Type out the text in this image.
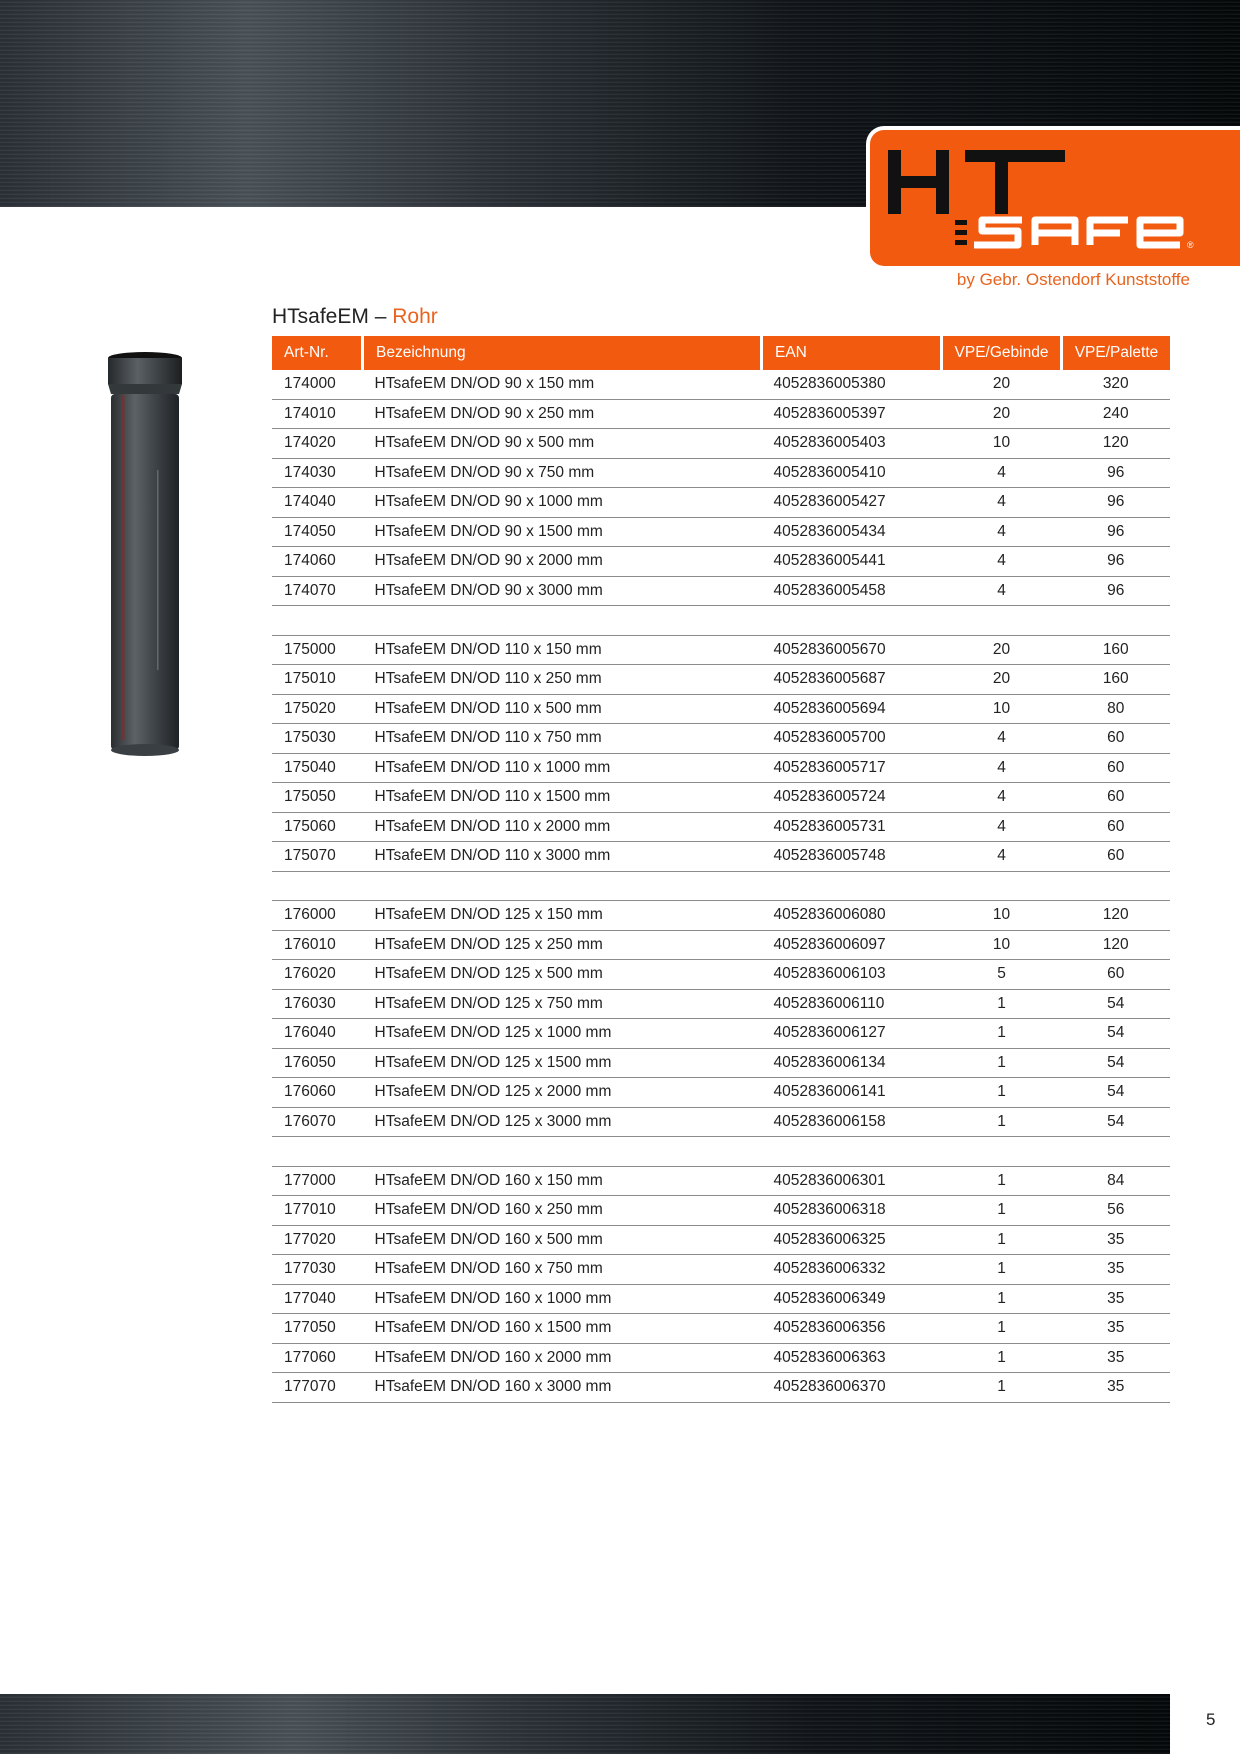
®
by Gebr. Ostendorf Kunststoffe
HTsafeEM – Rohr
Art-Nr.	Bezeichnung	EAN	VPE/Gebinde	VPE/Palette
174000	HTsafeEM DN/OD 90 x 150 mm	4052836005380	20	320
174010	HTsafeEM DN/OD 90 x 250 mm	4052836005397	20	240
174020	HTsafeEM DN/OD 90 x 500 mm	4052836005403	10	120
174030	HTsafeEM DN/OD 90 x 750 mm	4052836005410	4	96
174040	HTsafeEM DN/OD 90 x 1000 mm	4052836005427	4	96
174050	HTsafeEM DN/OD 90 x 1500 mm	4052836005434	4	96
174060	HTsafeEM DN/OD 90 x 2000 mm	4052836005441	4	96
174070	HTsafeEM DN/OD 90 x 3000 mm	4052836005458	4	96

175000	HTsafeEM DN/OD 110 x 150 mm	4052836005670	20	160
175010	HTsafeEM DN/OD 110 x 250 mm	4052836005687	20	160
175020	HTsafeEM DN/OD 110 x 500 mm	4052836005694	10	80
175030	HTsafeEM DN/OD 110 x 750 mm	4052836005700	4	60
175040	HTsafeEM DN/OD 110 x 1000 mm	4052836005717	4	60
175050	HTsafeEM DN/OD 110 x 1500 mm	4052836005724	4	60
175060	HTsafeEM DN/OD 110 x 2000 mm	4052836005731	4	60
175070	HTsafeEM DN/OD 110 x 3000 mm	4052836005748	4	60

176000	HTsafeEM DN/OD 125 x 150 mm	4052836006080	10	120
176010	HTsafeEM DN/OD 125 x 250 mm	4052836006097	10	120
176020	HTsafeEM DN/OD 125 x 500 mm	4052836006103	5	60
176030	HTsafeEM DN/OD 125 x 750 mm	4052836006110	1	54
176040	HTsafeEM DN/OD 125 x 1000 mm	4052836006127	1	54
176050	HTsafeEM DN/OD 125 x 1500 mm	4052836006134	1	54
176060	HTsafeEM DN/OD 125 x 2000 mm	4052836006141	1	54
176070	HTsafeEM DN/OD 125 x 3000 mm	4052836006158	1	54

177000	HTsafeEM DN/OD 160 x 150 mm	4052836006301	1	84
177010	HTsafeEM DN/OD 160 x 250 mm	4052836006318	1	56
177020	HTsafeEM DN/OD 160 x 500 mm	4052836006325	1	35
177030	HTsafeEM DN/OD 160 x 750 mm	4052836006332	1	35
177040	HTsafeEM DN/OD 160 x 1000 mm	4052836006349	1	35
177050	HTsafeEM DN/OD 160 x 1500 mm	4052836006356	1	35
177060	HTsafeEM DN/OD 160 x 2000 mm	4052836006363	1	35
177070	HTsafeEM DN/OD 160 x 3000 mm	4052836006370	1	35
5
